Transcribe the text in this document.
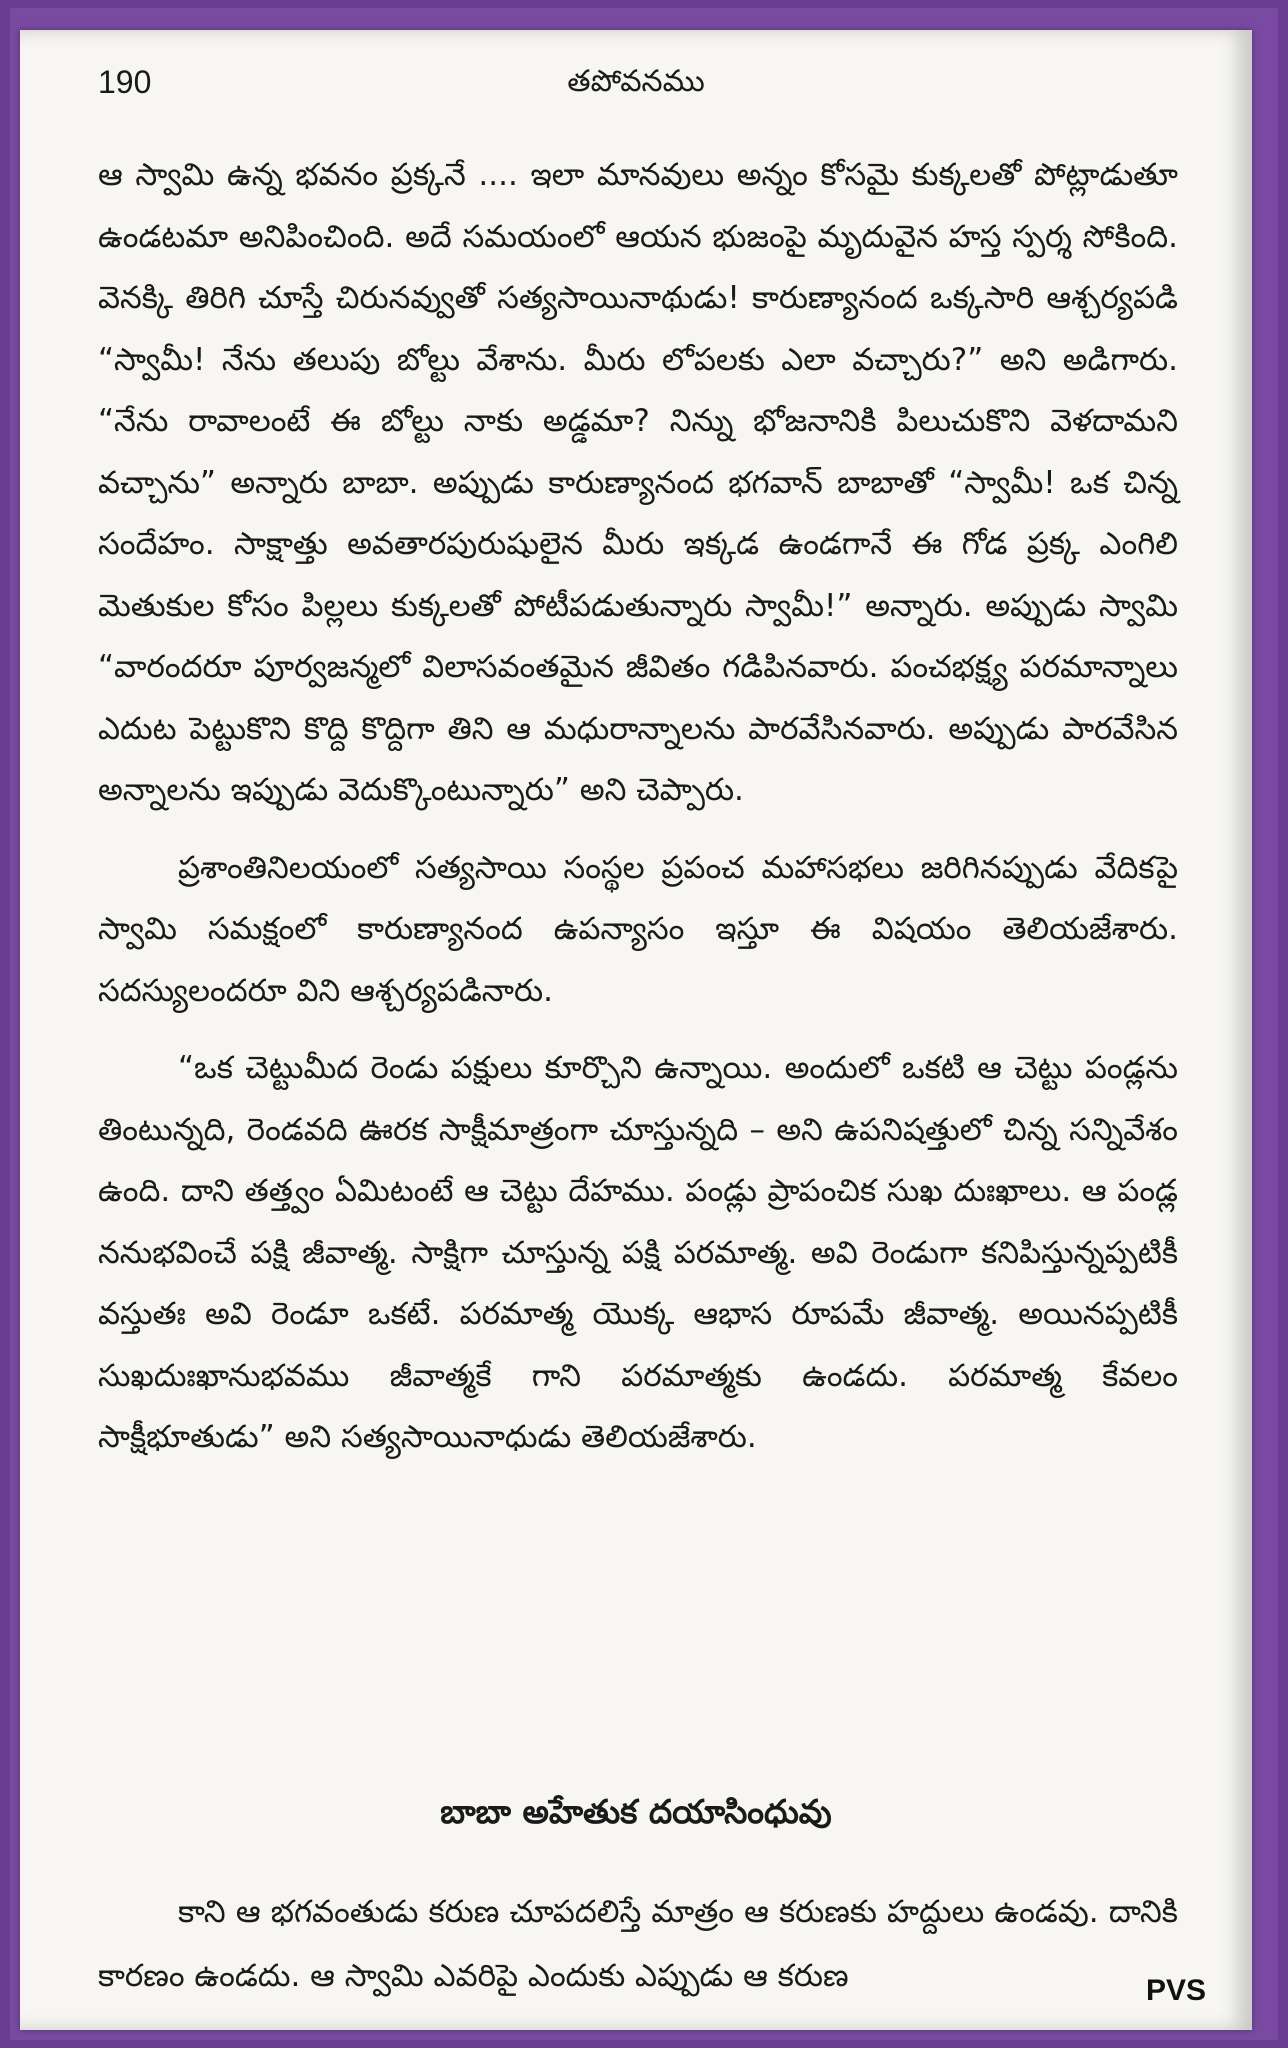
190	తపోవనము

ఆ స్వామి ఉన్న భవనం ప్రక్కనే .... ఇలా మానవులు అన్నం కోసమై కుక్కలతో పోట్లాడుతూ ఉండటమా అనిపించింది. అదే సమయంలో ఆయన భుజంపై మృదువైన హస్త స్పర్శ సోకింది. వెనక్కి తిరిగి చూస్తే చిరునవ్వుతో సత్యసాయినాథుడు! కారుణ్యానంద ఒక్కసారి ఆశ్చర్యపడి “స్వామీ! నేను తలుపు బోల్టు వేశాను. మీరు లోపలకు ఎలా వచ్చారు?” అని అడిగారు. “నేను రావాలంటే ఈ బోల్టు నాకు అడ్డమా? నిన్ను భోజనానికి పిలుచుకొని వెళదామని వచ్చాను” అన్నారు బాబా. అప్పుడు కారుణ్యానంద భగవాన్ బాబాతో “స్వామీ! ఒక చిన్న సందేహం. సాక్షాత్తు అవతారపురుషులైన మీరు ఇక్కడ ఉండగానే ఈ గోడ ప్రక్క ఎంగిలి మెతుకుల కోసం పిల్లలు కుక్కలతో పోటీపడుతున్నారు స్వామీ!” అన్నారు. అప్పుడు స్వామి “వారందరూ పూర్వజన్మలో విలాసవంతమైన జీవితం గడిపినవారు. పంచభక్ష్య పరమాన్నాలు ఎదుట పెట్టుకొని కొద్ది కొద్దిగా తిని ఆ మధురాన్నాలను పారవేసినవారు. అప్పుడు పారవేసిన అన్నాలను ఇప్పుడు వెదుక్కొంటున్నారు” అని చెప్పారు.

ప్రశాంతినిలయంలో సత్యసాయి సంస్థల ప్రపంచ మహాసభలు జరిగినప్పుడు వేదికపై స్వామి సమక్షంలో కారుణ్యానంద ఉపన్యాసం ఇస్తూ ఈ విషయం తెలియజేశారు. సదస్యులందరూ విని ఆశ్చర్యపడినారు.

“ఒక చెట్టుమీద రెండు పక్షులు కూర్చొని ఉన్నాయి. అందులో ఒకటి ఆ చెట్టు పండ్లను తింటున్నది, రెండవది ఊరక సాక్షీమాత్రంగా చూస్తున్నది – అని ఉపనిషత్తులో చిన్న సన్నివేశం ఉంది. దాని తత్త్వం ఏమిటంటే ఆ చెట్టు దేహము. పండ్లు ప్రాపంచిక సుఖ దుఃఖాలు. ఆ పండ్ల ననుభవించే పక్షి జీవాత్మ. సాక్షిగా చూస్తున్న పక్షి పరమాత్మ. అవి రెండుగా కనిపిస్తున్నప్పటికీ వస్తుతః అవి రెండూ ఒకటే. పరమాత్మ యొక్క ఆభాస రూపమే జీవాత్మ. అయినప్పటికీ సుఖదుఃఖానుభవము జీవాత్మకే గాని పరమాత్మకు ఉండదు. పరమాత్మ కేవలం సాక్షీభూతుడు” అని సత్యసాయినాధుడు తెలియజేశారు.

బాబా అహేతుక దయాసింధువు

కాని ఆ భగవంతుడు కరుణ చూపదలిస్తే మాత్రం ఆ కరుణకు హద్దులు ఉండవు. దానికి కారణం ఉండదు. ఆ స్వామి ఎవరిపై ఎందుకు ఎప్పుడు ఆ కరుణ	PVS
